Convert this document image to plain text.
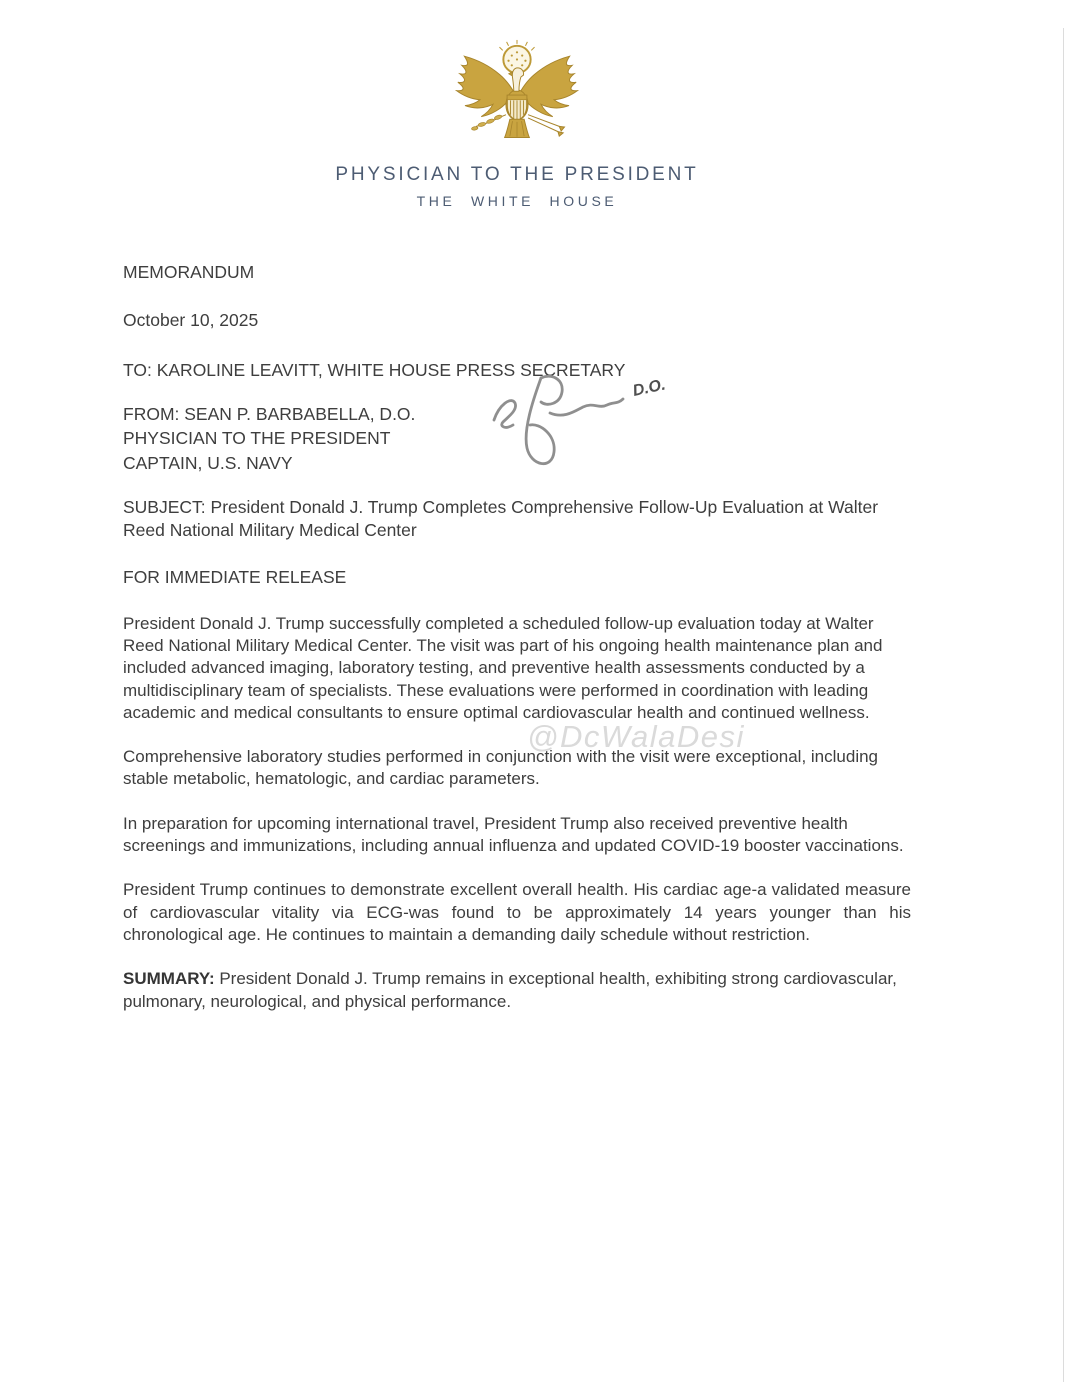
PHYSICIAN TO THE PRESIDENT
THE WHITE HOUSE
MEMORANDUM
October 10, 2025
TO: KAROLINE LEAVITT, WHITE HOUSE PRESS SECRETARY
FROM: SEAN P. BARBABELLA, D.O.
PHYSICIAN TO THE PRESIDENT
CAPTAIN, U.S. NAVY
SUBJECT: President Donald J. Trump Completes Comprehensive Follow-Up Evaluation at Walter Reed National Military Medical Center
FOR IMMEDIATE RELEASE

President Donald J. Trump successfully completed a scheduled follow-up evaluation today at Walter Reed National Military Medical Center. The visit was part of his ongoing health maintenance plan and included advanced imaging, laboratory testing, and preventive health assessments conducted by a multidisciplinary team of specialists. These evaluations were performed in coordination with leading academic and medical consultants to ensure optimal cardiovascular health and continued wellness.

Comprehensive laboratory studies performed in conjunction with the visit were exceptional, including stable metabolic, hematologic, and cardiac parameters.

In preparation for upcoming international travel, President Trump also received preventive health screenings and immunizations, including annual influenza and updated COVID-19 booster vaccinations.

President Trump continues to demonstrate excellent overall health. His cardiac age-a validated measure of cardiovascular vitality via ECG-was found to be approximately 14 years younger than his chronological age. He continues to maintain a demanding daily schedule without restriction.

SUMMARY: President Donald J. Trump remains in exceptional health, exhibiting strong cardiovascular, pulmonary, neurological, and physical performance.

D.O.
@DcWalaDesi
